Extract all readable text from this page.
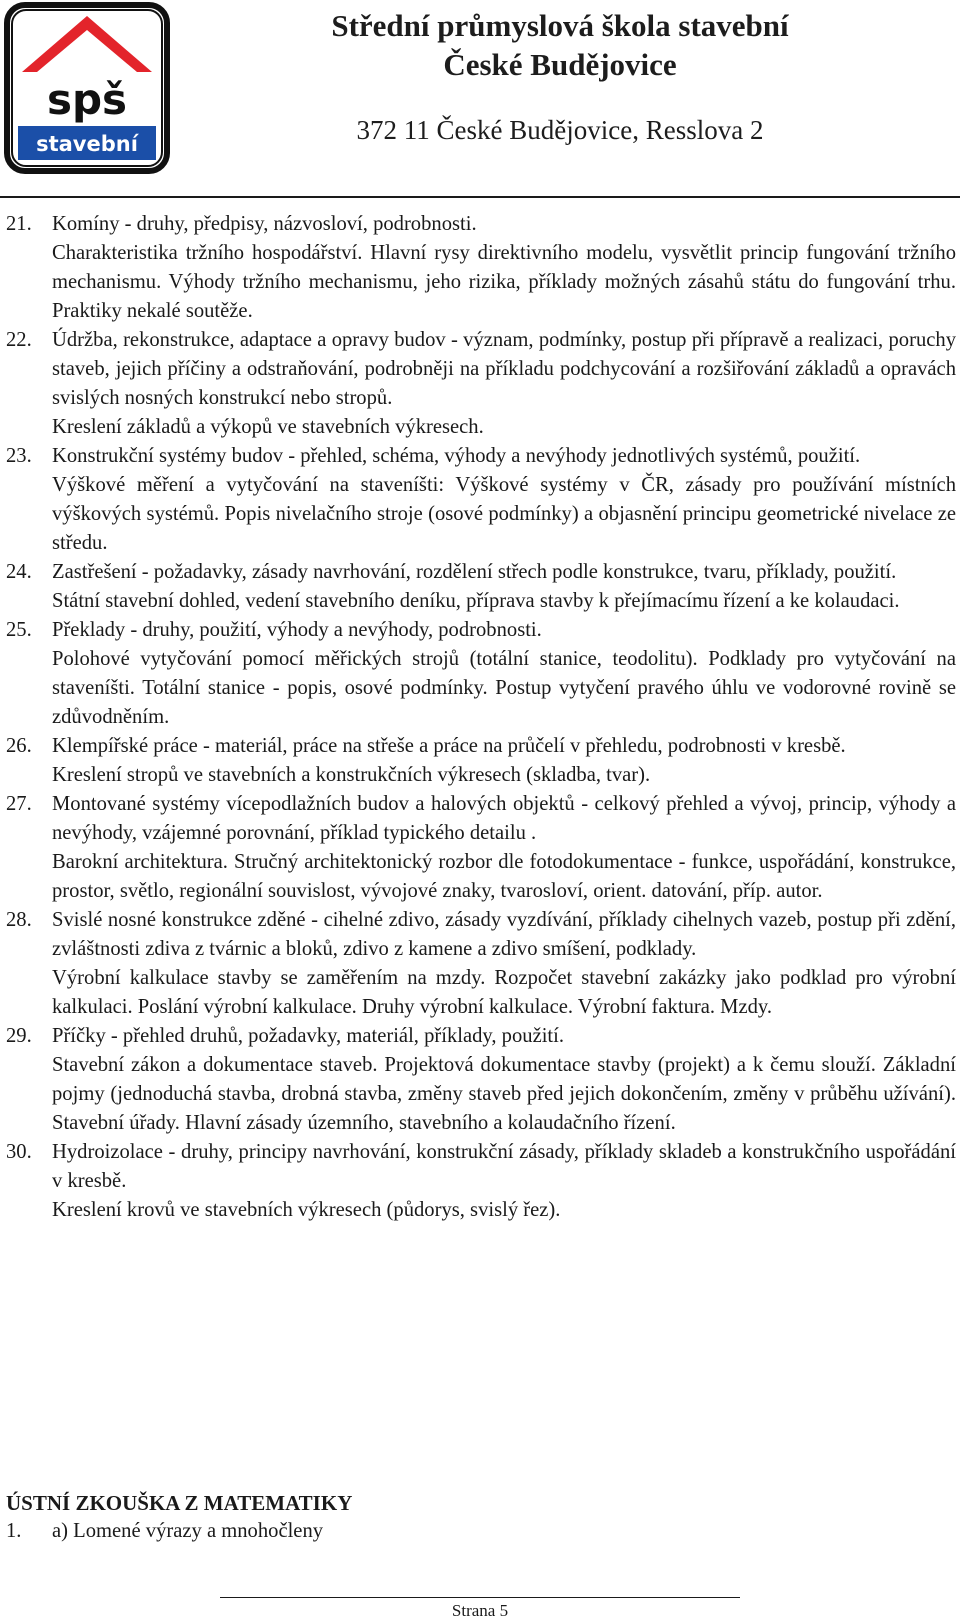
spš
stavební
Střední průmyslová škola stavební
České Budějovice
372 11 České Budějovice, Resslova 2
21. Komíny - druhy, předpisy, názvosloví, podrobnosti.

Charakteristika tržního hospodářství. Hlavní rysy direktivního modelu, vysvětlit princip fungování tržního mechanismu. Výhody tržního mechanismu, jeho rizika, příklady možných zásahů státu do fungování trhu. Praktiky nekalé soutěže.

22. Údržba, rekonstrukce, adaptace a opravy budov - význam, podmínky, postup při přípravě a realizaci, poruchy staveb, jejich příčiny a odstraňování, podrobněji na příkladu podchycování a rozšiřování základů a opravách svislých nosných konstrukcí nebo stropů.

Kreslení základů a výkopů ve stavebních výkresech.

23. Konstrukční systémy budov - přehled, schéma, výhody a nevýhody jednotlivých systémů, použití.

Výškové měření a vytyčování na staveníšti: Výškové systémy v ČR, zásady pro používání místních výškových systémů. Popis nivelačního stroje (osové podmínky) a objasnění principu geometrické nivelace ze středu.

24. Zastřešení - požadavky, zásady navrhování, rozdělení střech podle konstrukce, tvaru, příklady, použití.

Státní stavební dohled, vedení stavebního deníku, příprava stavby k přejímacímu řízení a ke kolaudaci.

25. Překlady - druhy, použití, výhody a nevýhody, podrobnosti.

Polohové vytyčování pomocí měřických strojů (totální stanice, teodolitu). Podklady pro vytyčování na staveníšti. Totální stanice - popis, osové podmínky. Postup vytyčení pravého úhlu ve vodorovné rovině se zdůvodněním.

26. Klempířské práce - materiál, práce na střeše a práce na průčelí v přehledu, podrobnosti v kresbě.

Kreslení stropů ve stavebních a konstrukčních výkresech (skladba, tvar).

27. Montované systémy vícepodlažních budov a halových objektů - celkový přehled a vývoj, princip, výhody a nevýhody, vzájemné porovnání, příklad typického detailu .

Barokní architektura. Stručný architektonický rozbor dle fotodokumentace - funkce, uspořádání, konstrukce, prostor, světlo, regionální souvislost, vývojové znaky, tvarosloví, orient. datování, příp. autor.

28. Svislé nosné konstrukce zděné - cihelné zdivo, zásady vyzdívání, příklady cihelnych vazeb, postup při zdění, zvláštnosti zdiva z tvárnic a bloků, zdivo z kamene a zdivo smíšení, podklady.

Výrobní kalkulace stavby se zaměřením na mzdy. Rozpočet stavební zakázky jako podklad pro výrobní kalkulaci. Poslání výrobní kalkulace. Druhy výrobní kalkulace. Výrobní faktura. Mzdy.

29. Příčky - přehled druhů, požadavky, materiál, příklady, použití.

Stavební zákon a dokumentace staveb. Projektová dokumentace stavby (projekt) a k čemu slouží. Základní pojmy (jednoduchá stavba, drobná stavba, změny staveb před jejich dokončením, změny v průběhu užívání). Stavební úřady. Hlavní zásady územního, stavebního a kolaudačního řízení.

30. Hydroizolace - druhy, principy navrhování, konstrukční zásady, příklady skladeb a konstrukčního uspořádání v kresbě.

Kreslení krovů ve stavebních výkresech (půdorys, svislý řez).

ÚSTNÍ ZKOUŠKA Z MATEMATIKY
1. a) Lomené výrazy a mnohočleny

Strana 5
